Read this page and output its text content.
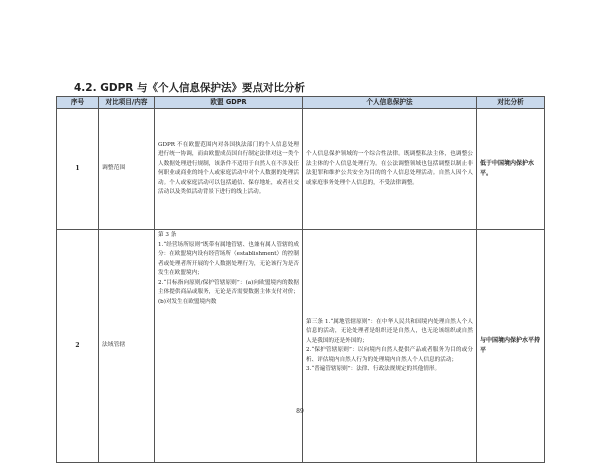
4.2. GDPR 与《个人信息保护法》要点对比分析
序号	对比项目/内容	欧盟 GDPR	个人信息保护法	对比分析
1	调整范围	GDPR 不在欧盟范围内对各国执法部门的个人信息处理进行统一协调，而由欧盟成员国自行制定法律对这一类个人数据处理进行规制，该条件不适用于自然人在不涉及任何职业或商业的纯个人或家庭活动中对个人数据的处理活动。个人或家庭活动可以包括通信、保存地址，或者社交活动以及类似活动背景下进行的线上活动。	个人信息保护领域的一个综合性法律。既调整私法主体，也调整公法主体的个人信息处理行为。在公法调整领域也包括调整以制止非法犯罪和维护公共安全为目的的个人信息处理活动。自然人因个人或家庭事务处理个人信息的，不受法律调整。	低于中国境内保护水平。
2	法域管辖	第 3 条
1.“经营场所原则”既带有属地管辖、也兼有属人管辖的成分：在欧盟境内设有经营场所（establishment）的控制者或处理者所开展的个人数据处理行为，无论该行为是否发生在欧盟境内；
2.“目标指向原则/保护管辖原则”：(a)向欧盟境内的数据主体提供商品或服务，无论是否需要数据主体支付对价；(b)对发生在欧盟境内数	第三条 1.“属地管辖原则”：在中华人民共和国境内处理自然人个人信息的活动，无论处理者是组织还是自然人，也无论该组织或自然人是我国的还是外国的；
2.“保护管辖原则”：以向境内自然人提供产品或者服务为目的或分析、评估境内自然人行为的处理境内自然人个人信息的活动；
3.“普遍管辖原则”：法律、行政法规规定的其他情形。	与中国境内保护水平持平
89
